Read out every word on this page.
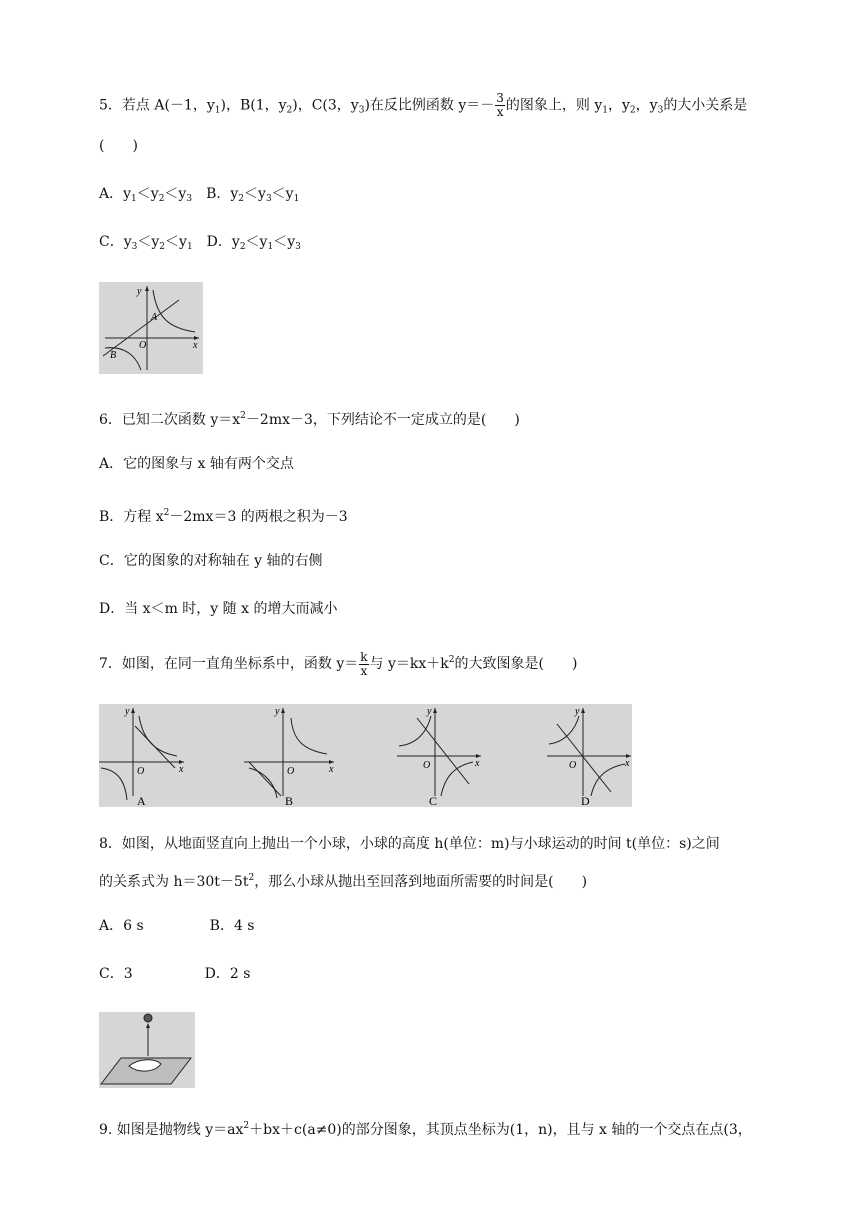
5．若点 A(－1，$y_1$)，B(1，$y_2$)，C(3，$y_3$)在反比例函数 $y=- \frac{3}{x}$ 的图象上，则 $y_1$，$y_2$，$y_3$的大小关系是
(　　)
A．$y_1<y_2<y_3$ B．$y_2<y_3<y_1$
C．$y_3<y_2<y_1$ D．$y_2<y_1<y_3$
y
x
O
A
B
6．已知二次函数 $y=x^2-2mx-3$，下列结论不一定成立的是(　　)
A．它的图象与 x 轴有两个交点
B．方程 $x^2-2mx=3$ 的两根之积为－3
C．它的图象的对称轴在 y 轴的右侧
D．当 x＜m 时，y 随 x 的增大而减小
7．如图，在同一直角坐标系中，函数 $y= \frac{k}{x}$ 与 $y=kx+k^2$的大致图象是(　　)
y
x
O
A
y
x
O
B
y
x
O
C
y
x
O
D
8．如图，从地面竖直向上抛出一个小球，小球的高度 h(单位：m)与小球运动的时间 t(单位：s)之间
的关系式为 $h=30t-5t^2$，那么小球从抛出至回落到地面所需要的时间是(　　)
A．6 s	B．4 s
C．3	D．2 s
9. 如图是抛物线 $y=ax^2+bx+c(a\ne 0)$的部分图象，其顶点坐标为(1，n)，且与 x 轴的一个交点在点(3，
